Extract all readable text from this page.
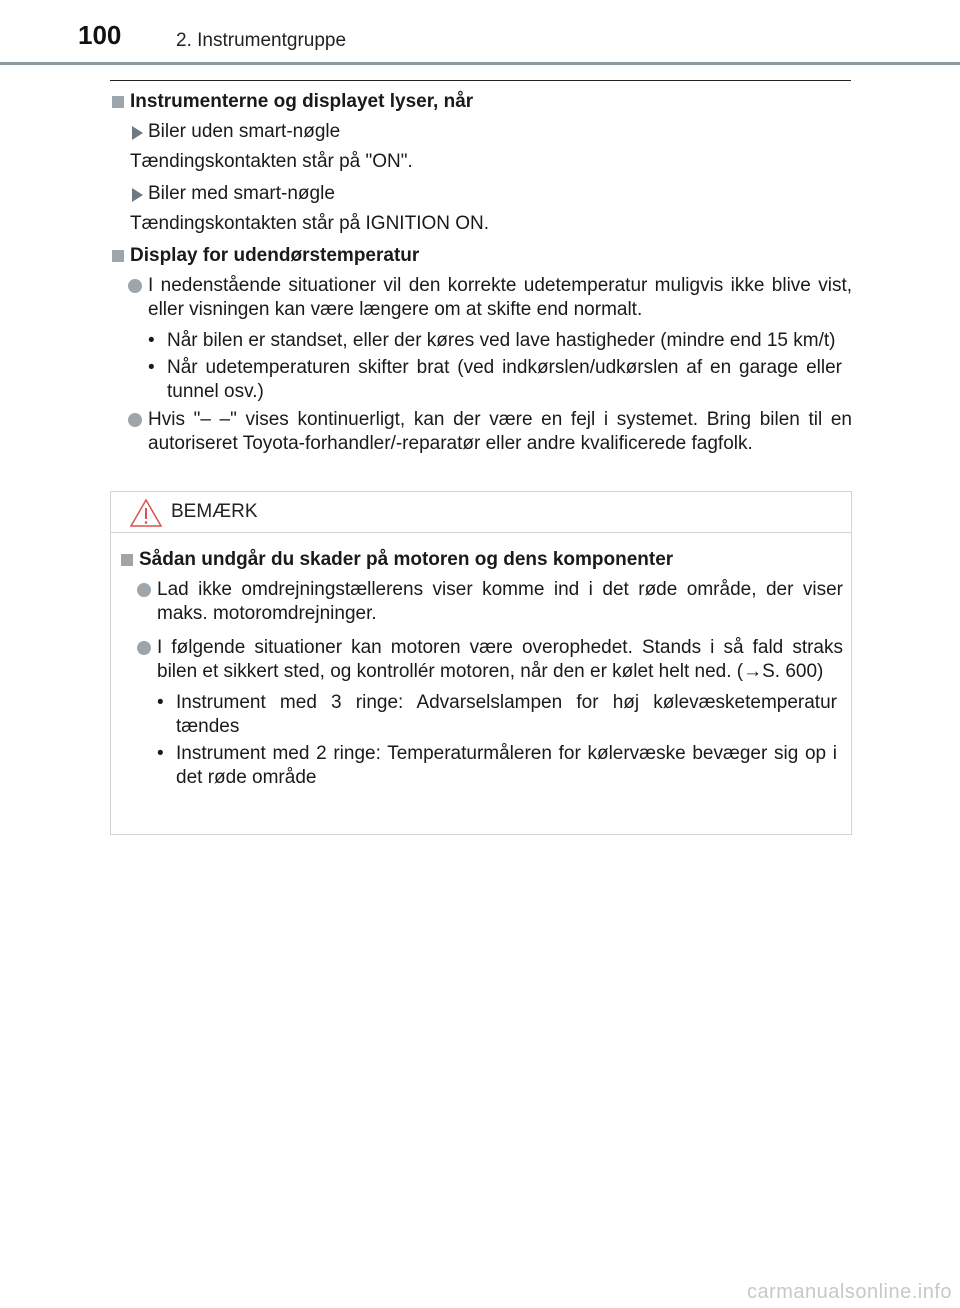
100	2. Instrumentgruppe
Instrumenterne og displayet lyser, når
Biler uden smart-nøgle
Tændingskontakten står på "ON".
Biler med smart-nøgle
Tændingskontakten står på IGNITION ON.
Display for udendørstemperatur
I nedenstående situationer vil den korrekte udetemperatur muligvis ikke blive vist, eller visningen kan være længere om at skifte end normalt.
• Når bilen er standset, eller der køres ved lave hastigheder (mindre end 15 km/t)
• Når udetemperaturen skifter brat (ved indkørslen/udkørslen af en garage eller tunnel osv.)
Hvis "– –" vises kontinuerligt, kan der være en fejl i systemet. Bring bilen til en autoriseret Toyota-forhandler/-reparatør eller andre kvalificerede fagfolk.
BEMÆRK
Sådan undgår du skader på motoren og dens komponenter
Lad ikke omdrejningstællerens viser komme ind i det røde område, der viser maks. motoromdrejninger.
I følgende situationer kan motoren være overophedet. Stands i så fald straks bilen et sikkert sted, og kontrollér motoren, når den er kølet helt ned. (→S. 600)
• Instrument med 3 ringe: Advarselslampen for høj kølevæsketemperatur tændes
• Instrument med 2 ringe: Temperaturmåleren for kølervæske bevæger sig op i det røde område
carmanualsonline.info
